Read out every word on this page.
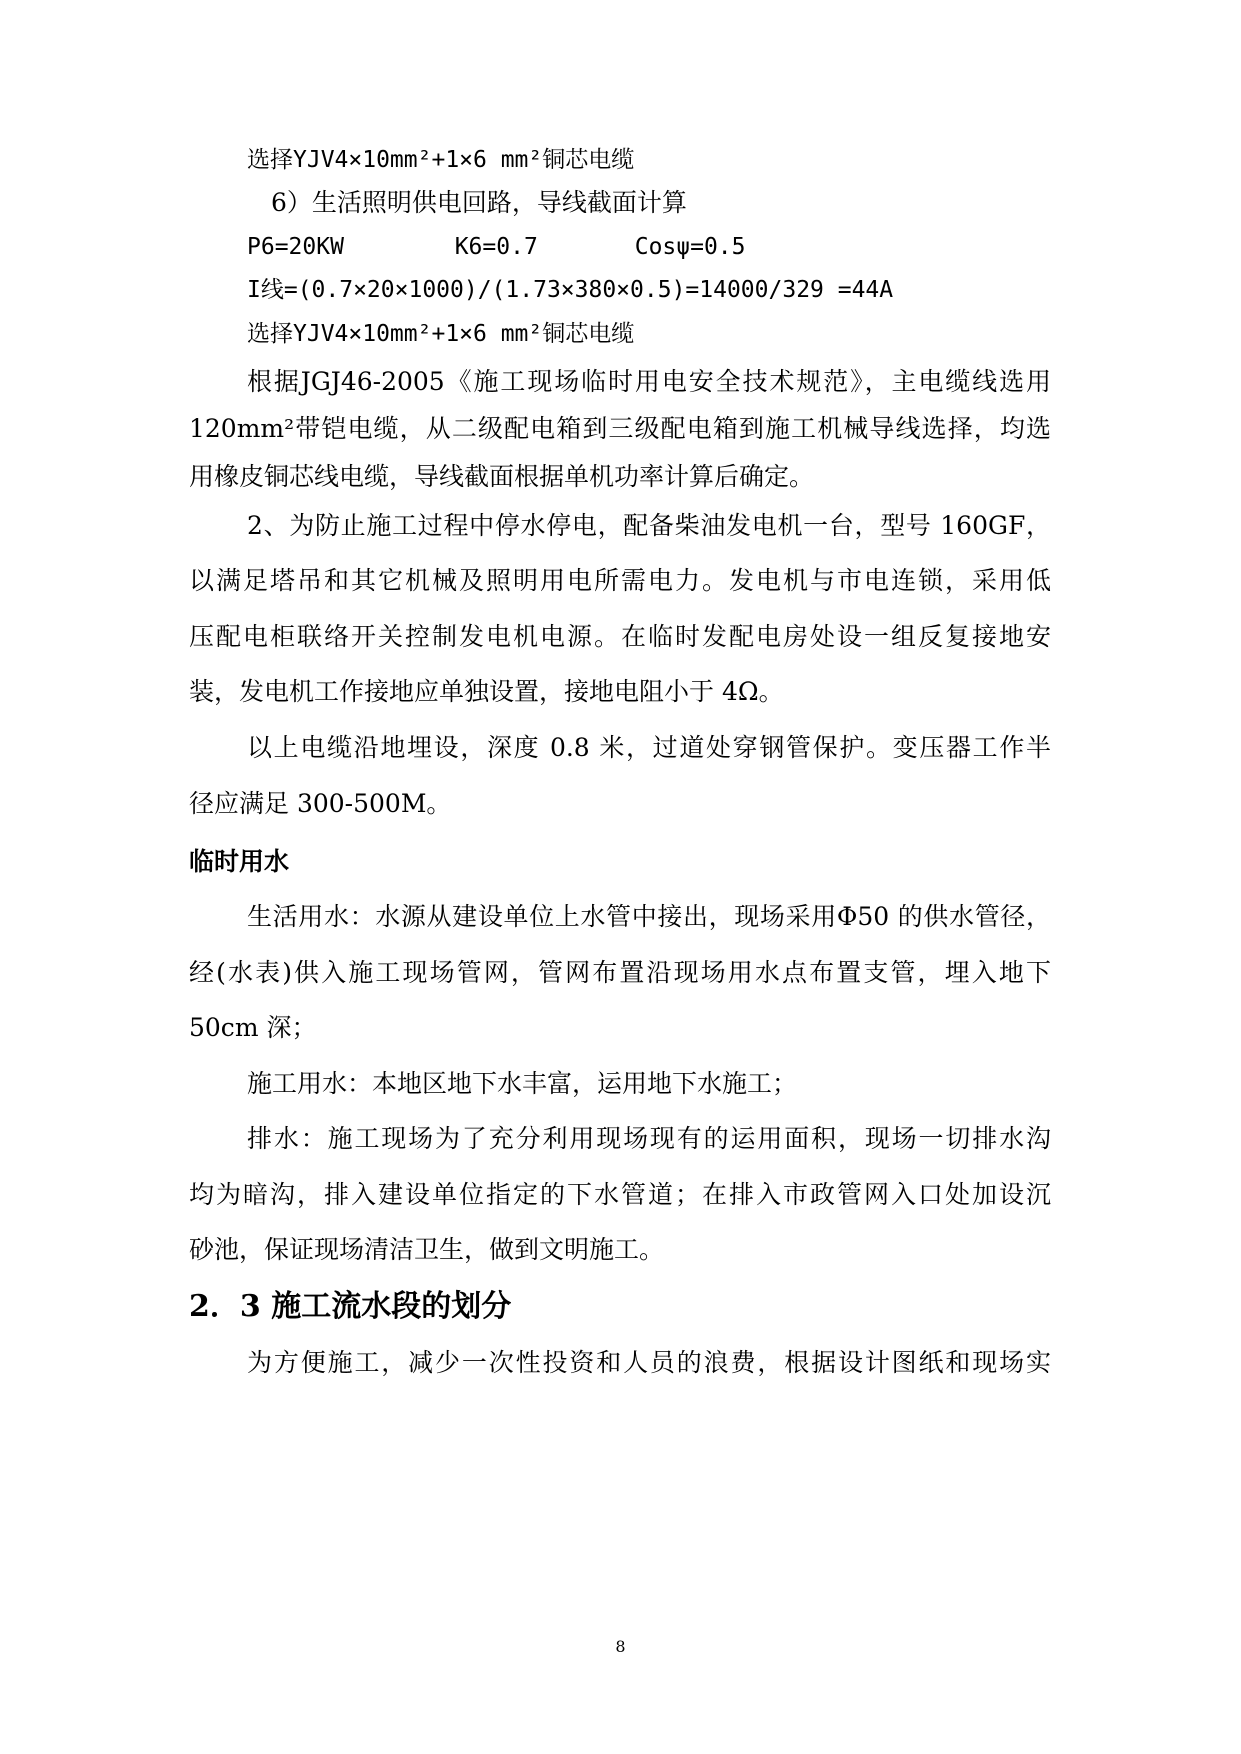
选择YJV4×10mm²+1×6 mm²铜芯电缆
6）生活照明供电回路，导线截面计算
P6=20KW        K6=0.7       Cosψ=0.5
I线=(0.7×20×1000)/(1.73×380×0.5)=14000/329 =44A
选择YJV4×10mm²+1×6 mm²铜芯电缆
根据JGJ46-2005《施工现场临时用电安全技术规范》，主电缆线选用
120mm²带铠电缆，从二级配电箱到三级配电箱到施工机械导线选择，均选
用橡皮铜芯线电缆，导线截面根据单机功率计算后确定。
2、为防止施工过程中停水停电，配备柴油发电机一台，型号 160GF，
以满足塔吊和其它机械及照明用电所需电力。发电机与市电连锁，采用低
压配电柜联络开关控制发电机电源。在临时发配电房处设一组反复接地安
装，发电机工作接地应单独设置，接地电阻小于 4Ω。
以上电缆沿地埋设，深度 0.8 米，过道处穿钢管保护。变压器工作半
径应满足 300-500M。
临时用水
生活用水：水源从建设单位上水管中接出，现场采用Φ50 的供水管径，
经(水表)供入施工现场管网，管网布置沿现场用水点布置支管，埋入地下
50cm 深；
施工用水：本地区地下水丰富，运用地下水施工；
排水：施工现场为了充分利用现场现有的运用面积，现场一切排水沟
均为暗沟，排入建设单位指定的下水管道；在排入市政管网入口处加设沉
砂池，保证现场清洁卫生，做到文明施工。
2．3 施工流水段的划分
为方便施工，减少一次性投资和人员的浪费，根据设计图纸和现场实
8
